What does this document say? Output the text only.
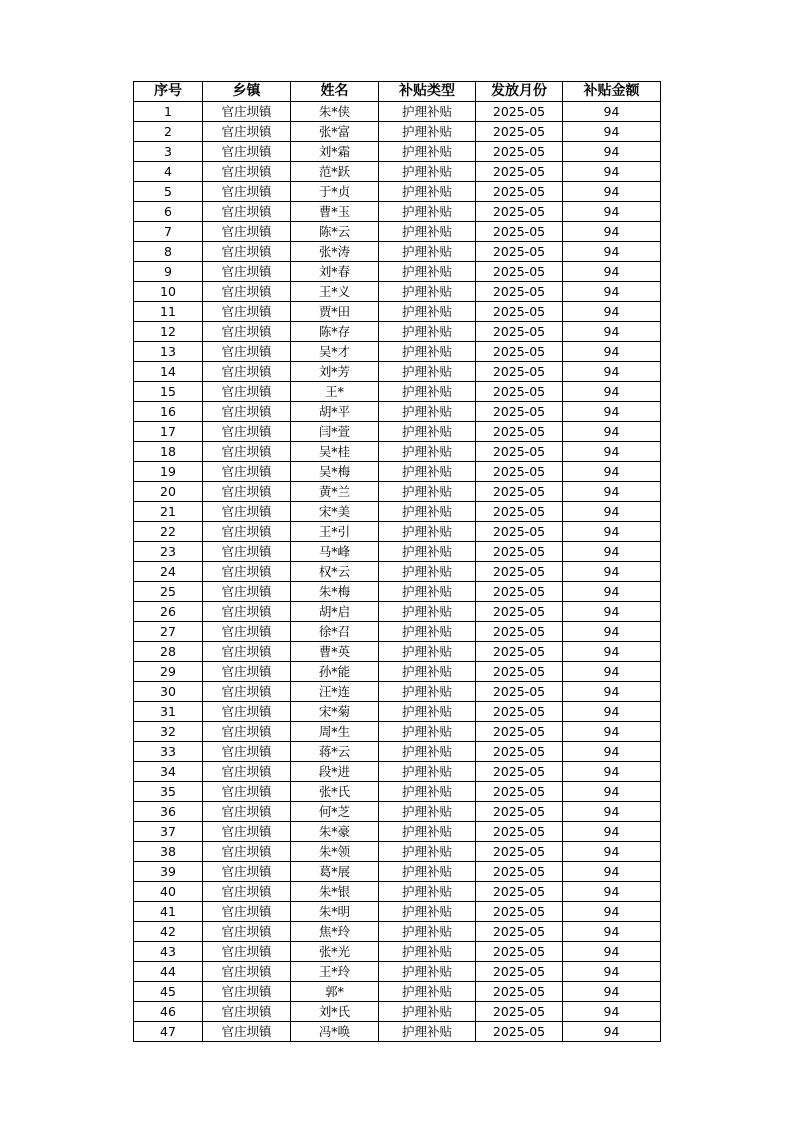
序号	乡镇	姓名	补贴类型	发放月份	补贴金额
1	官庄坝镇	朱*侠	护理补贴	2025-05	94
2	官庄坝镇	张*富	护理补贴	2025-05	94
3	官庄坝镇	刘*霜	护理补贴	2025-05	94
4	官庄坝镇	范*跃	护理补贴	2025-05	94
5	官庄坝镇	于*贞	护理补贴	2025-05	94
6	官庄坝镇	曹*玉	护理补贴	2025-05	94
7	官庄坝镇	陈*云	护理补贴	2025-05	94
8	官庄坝镇	张*涛	护理补贴	2025-05	94
9	官庄坝镇	刘*春	护理补贴	2025-05	94
10	官庄坝镇	王*义	护理补贴	2025-05	94
11	官庄坝镇	贾*田	护理补贴	2025-05	94
12	官庄坝镇	陈*存	护理补贴	2025-05	94
13	官庄坝镇	吴*才	护理补贴	2025-05	94
14	官庄坝镇	刘*芳	护理补贴	2025-05	94
15	官庄坝镇	王*	护理补贴	2025-05	94
16	官庄坝镇	胡*平	护理补贴	2025-05	94
17	官庄坝镇	闫*萱	护理补贴	2025-05	94
18	官庄坝镇	吴*桂	护理补贴	2025-05	94
19	官庄坝镇	吴*梅	护理补贴	2025-05	94
20	官庄坝镇	黄*兰	护理补贴	2025-05	94
21	官庄坝镇	宋*美	护理补贴	2025-05	94
22	官庄坝镇	王*引	护理补贴	2025-05	94
23	官庄坝镇	马*峰	护理补贴	2025-05	94
24	官庄坝镇	权*云	护理补贴	2025-05	94
25	官庄坝镇	朱*梅	护理补贴	2025-05	94
26	官庄坝镇	胡*启	护理补贴	2025-05	94
27	官庄坝镇	徐*召	护理补贴	2025-05	94
28	官庄坝镇	曹*英	护理补贴	2025-05	94
29	官庄坝镇	孙*能	护理补贴	2025-05	94
30	官庄坝镇	汪*连	护理补贴	2025-05	94
31	官庄坝镇	宋*菊	护理补贴	2025-05	94
32	官庄坝镇	周*生	护理补贴	2025-05	94
33	官庄坝镇	蒋*云	护理补贴	2025-05	94
34	官庄坝镇	段*进	护理补贴	2025-05	94
35	官庄坝镇	张*氏	护理补贴	2025-05	94
36	官庄坝镇	何*芝	护理补贴	2025-05	94
37	官庄坝镇	朱*豪	护理补贴	2025-05	94
38	官庄坝镇	朱*领	护理补贴	2025-05	94
39	官庄坝镇	葛*展	护理补贴	2025-05	94
40	官庄坝镇	朱*银	护理补贴	2025-05	94
41	官庄坝镇	朱*明	护理补贴	2025-05	94
42	官庄坝镇	焦*玲	护理补贴	2025-05	94
43	官庄坝镇	张*光	护理补贴	2025-05	94
44	官庄坝镇	王*玲	护理补贴	2025-05	94
45	官庄坝镇	郭*	护理补贴	2025-05	94
46	官庄坝镇	刘*氏	护理补贴	2025-05	94
47	官庄坝镇	冯*唤	护理补贴	2025-05	94
